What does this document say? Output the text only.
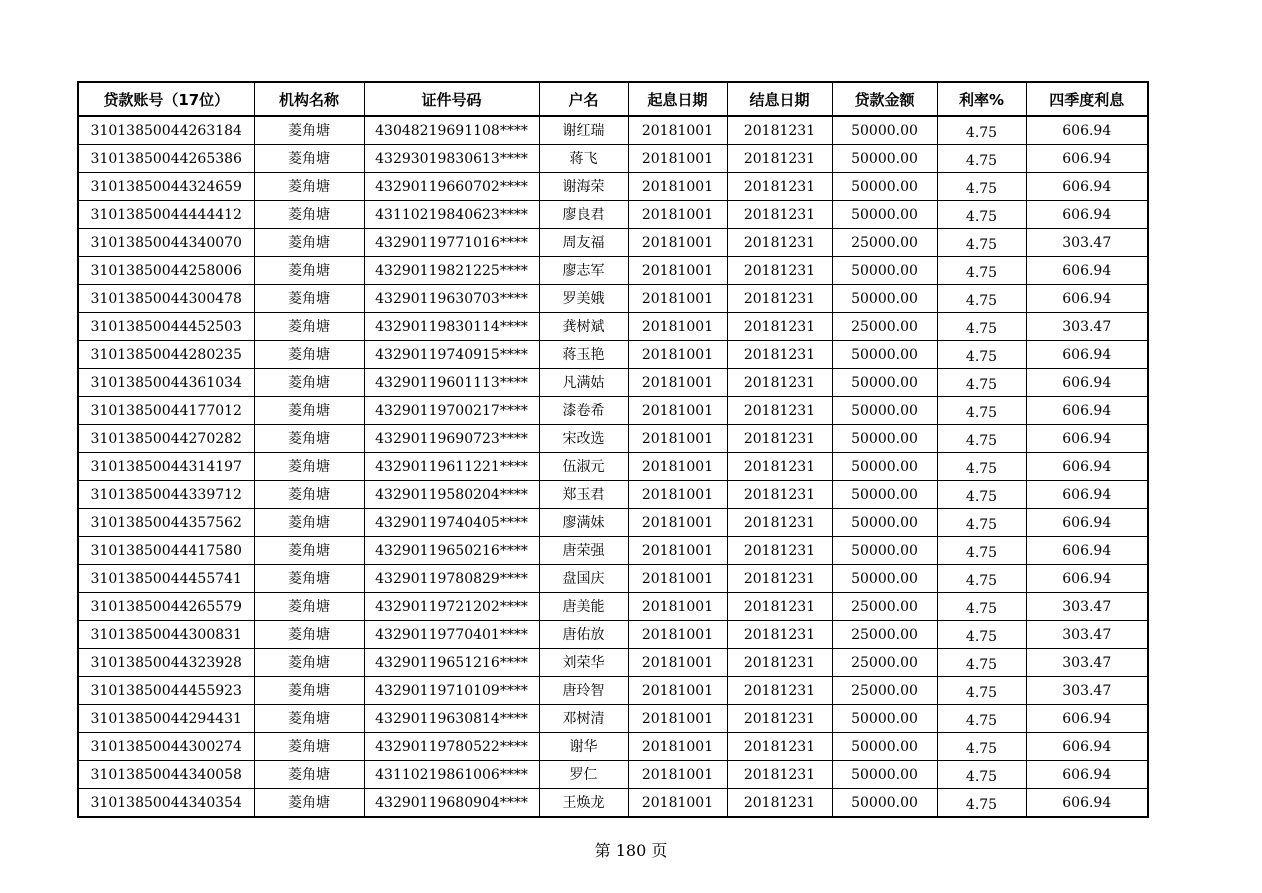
贷款账号（17位）	机构名称	证件号码	户名	起息日期	结息日期	贷款金额	利率%	四季度利息
31013850044263184	菱角塘	43048219691108****	谢红瑞	20181001	20181231	50000.00	4.75	606.94
31013850044265386	菱角塘	43293019830613****	蒋飞	20181001	20181231	50000.00	4.75	606.94
31013850044324659	菱角塘	43290119660702****	谢海荣	20181001	20181231	50000.00	4.75	606.94
31013850044444412	菱角塘	43110219840623****	廖良君	20181001	20181231	50000.00	4.75	606.94
31013850044340070	菱角塘	43290119771016****	周友福	20181001	20181231	25000.00	4.75	303.47
31013850044258006	菱角塘	43290119821225****	廖志军	20181001	20181231	50000.00	4.75	606.94
31013850044300478	菱角塘	43290119630703****	罗美娥	20181001	20181231	50000.00	4.75	606.94
31013850044452503	菱角塘	43290119830114****	龚树斌	20181001	20181231	25000.00	4.75	303.47
31013850044280235	菱角塘	43290119740915****	蒋玉艳	20181001	20181231	50000.00	4.75	606.94
31013850044361034	菱角塘	43290119601113****	凡满姑	20181001	20181231	50000.00	4.75	606.94
31013850044177012	菱角塘	43290119700217****	漆卷希	20181001	20181231	50000.00	4.75	606.94
31013850044270282	菱角塘	43290119690723****	宋改选	20181001	20181231	50000.00	4.75	606.94
31013850044314197	菱角塘	43290119611221****	伍淑元	20181001	20181231	50000.00	4.75	606.94
31013850044339712	菱角塘	43290119580204****	郑玉君	20181001	20181231	50000.00	4.75	606.94
31013850044357562	菱角塘	43290119740405****	廖满妹	20181001	20181231	50000.00	4.75	606.94
31013850044417580	菱角塘	43290119650216****	唐荣强	20181001	20181231	50000.00	4.75	606.94
31013850044455741	菱角塘	43290119780829****	盘国庆	20181001	20181231	50000.00	4.75	606.94
31013850044265579	菱角塘	43290119721202****	唐美能	20181001	20181231	25000.00	4.75	303.47
31013850044300831	菱角塘	43290119770401****	唐佑放	20181001	20181231	25000.00	4.75	303.47
31013850044323928	菱角塘	43290119651216****	刘荣华	20181001	20181231	25000.00	4.75	303.47
31013850044455923	菱角塘	43290119710109****	唐玲智	20181001	20181231	25000.00	4.75	303.47
31013850044294431	菱角塘	43290119630814****	邓树清	20181001	20181231	50000.00	4.75	606.94
31013850044300274	菱角塘	43290119780522****	谢华	20181001	20181231	50000.00	4.75	606.94
31013850044340058	菱角塘	43110219861006****	罗仁	20181001	20181231	50000.00	4.75	606.94
31013850044340354	菱角塘	43290119680904****	王焕龙	20181001	20181231	50000.00	4.75	606.94
第 180 页
